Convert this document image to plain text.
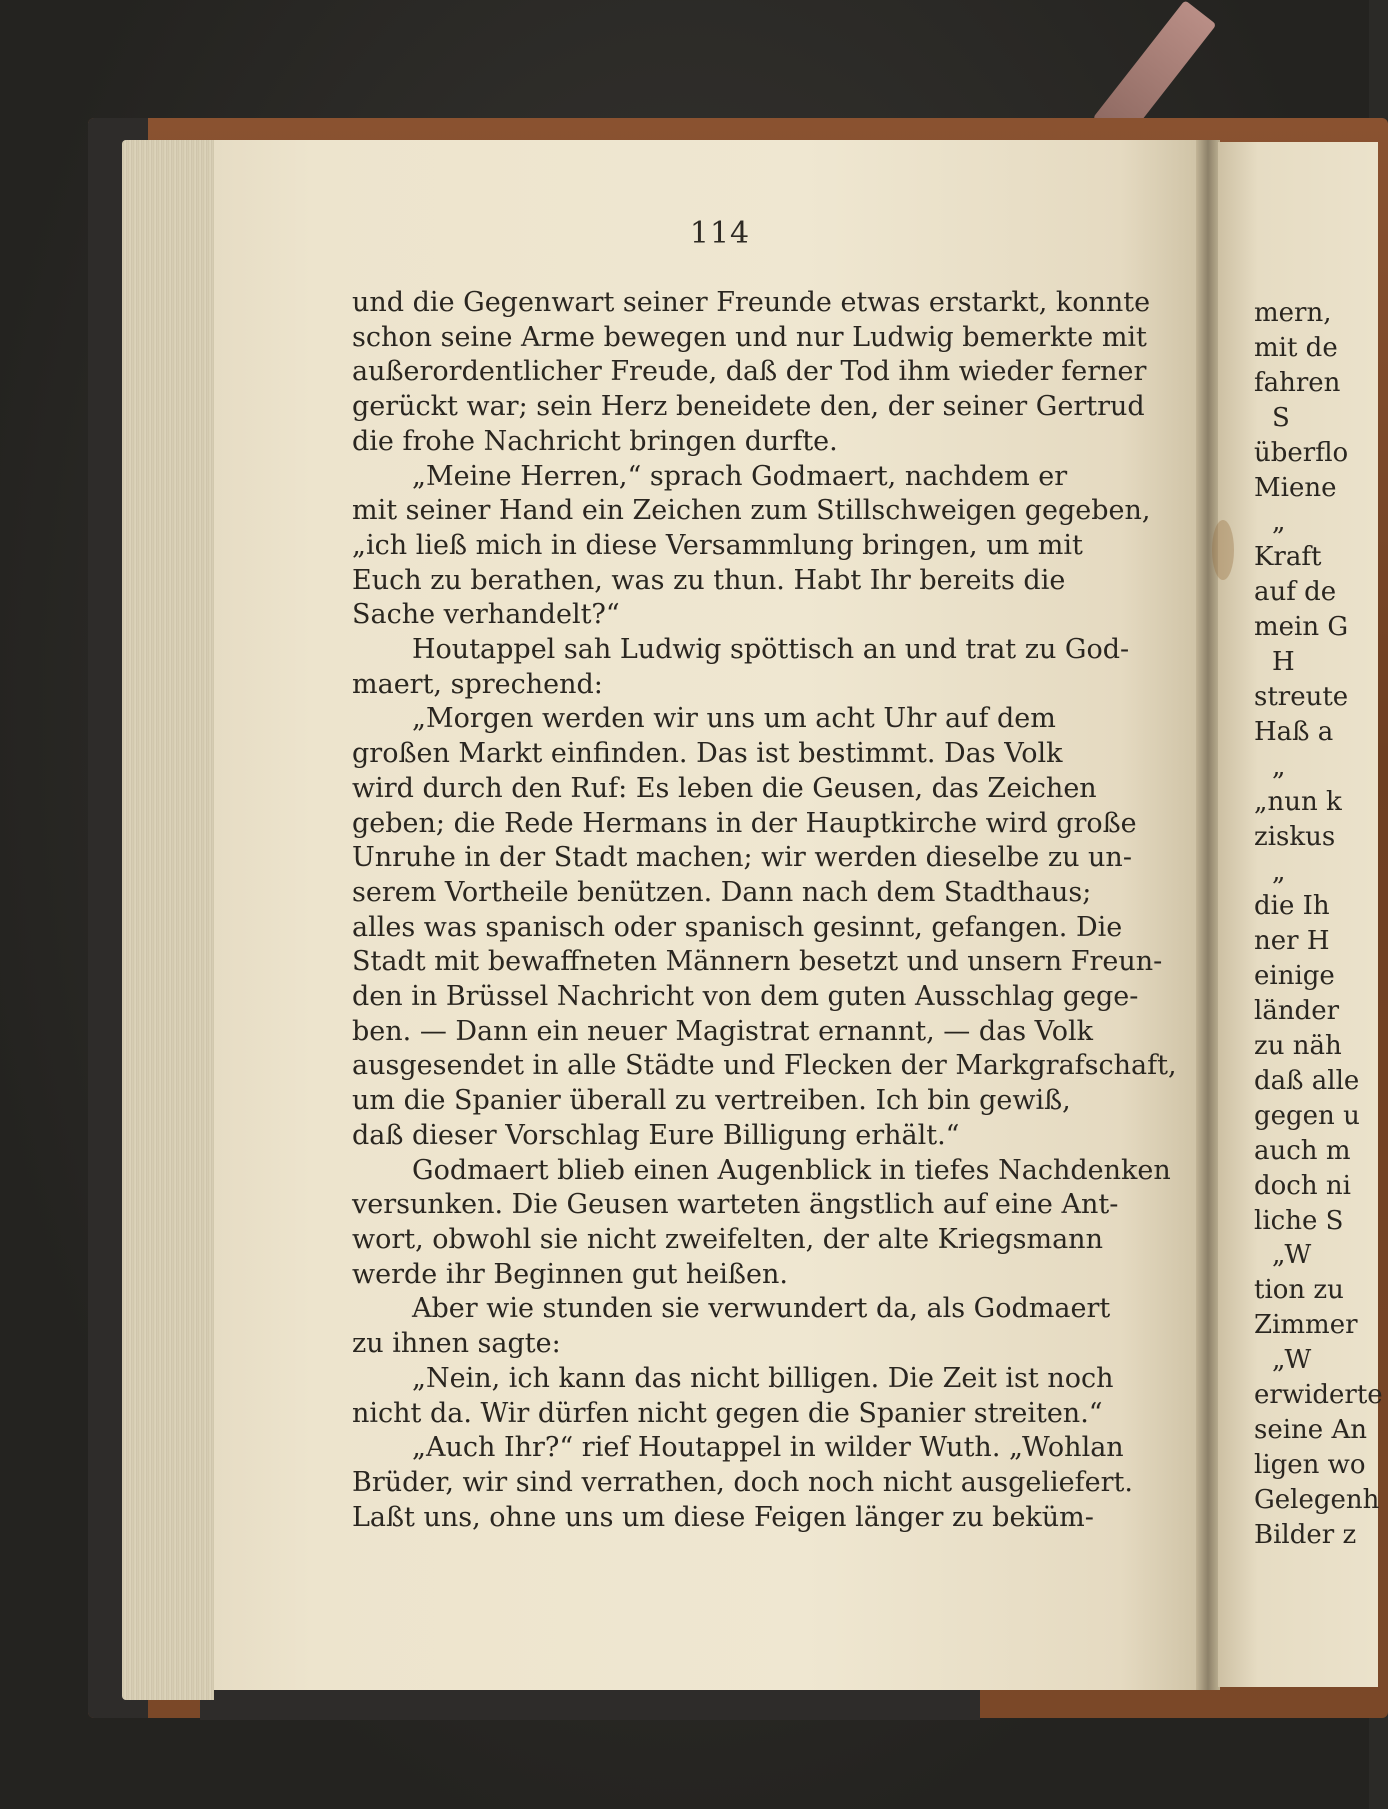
114
und die Gegenwart seiner Freunde etwas erstarkt, konnte
schon seine Arme bewegen und nur Ludwig bemerkte mit
außerordentlicher Freude, daß der Tod ihm wieder ferner
gerückt war; sein Herz beneidete den, der seiner Gertrud
die frohe Nachricht bringen durfte.
„Meine Herren,“ sprach Godmaert, nachdem er
mit seiner Hand ein Zeichen zum Stillschweigen gegeben,
„ich ließ mich in diese Versammlung bringen, um mit
Euch zu berathen, was zu thun. Habt Ihr bereits die
Sache verhandelt?“
Houtappel sah Ludwig spöttisch an und trat zu God-
maert, sprechend:
„Morgen werden wir uns um acht Uhr auf dem
großen Markt einfinden. Das ist bestimmt. Das Volk
wird durch den Ruf: Es leben die Geusen, das Zeichen
geben; die Rede Hermans in der Hauptkirche wird große
Unruhe in der Stadt machen; wir werden dieselbe zu un-
serem Vortheile benützen. Dann nach dem Stadthaus;
alles was spanisch oder spanisch gesinnt, gefangen. Die
Stadt mit bewaffneten Männern besetzt und unsern Freun-
den in Brüssel Nachricht von dem guten Ausschlag gege-
ben. — Dann ein neuer Magistrat ernannt, — das Volk
ausgesendet in alle Städte und Flecken der Markgrafschaft,
um die Spanier überall zu vertreiben. Ich bin gewiß,
daß dieser Vorschlag Eure Billigung erhält.“
Godmaert blieb einen Augenblick in tiefes Nachdenken
versunken. Die Geusen warteten ängstlich auf eine Ant-
wort, obwohl sie nicht zweifelten, der alte Kriegsmann
werde ihr Beginnen gut heißen.
Aber wie stunden sie verwundert da, als Godmaert
zu ihnen sagte:
„Nein, ich kann das nicht billigen. Die Zeit ist noch
nicht da. Wir dürfen nicht gegen die Spanier streiten.“
„Auch Ihr?“ rief Houtappel in wilder Wuth. „Wohlan
Brüder, wir sind verrathen, doch noch nicht ausgeliefert.
Laßt uns, ohne uns um diese Feigen länger zu beküm-
mern,
mit de
fahren
S
überflo
Miene
„
Kraft
auf de
mein G
H
streute
Haß a
„
„nun k
ziskus
„
die Ih
ner H
einige
länder
zu näh
daß alle
gegen u
auch m
doch ni
liche S
„W
tion zu
Zimmer
„W
erwiderte
seine An
ligen wo
Gelegenh
Bilder z
